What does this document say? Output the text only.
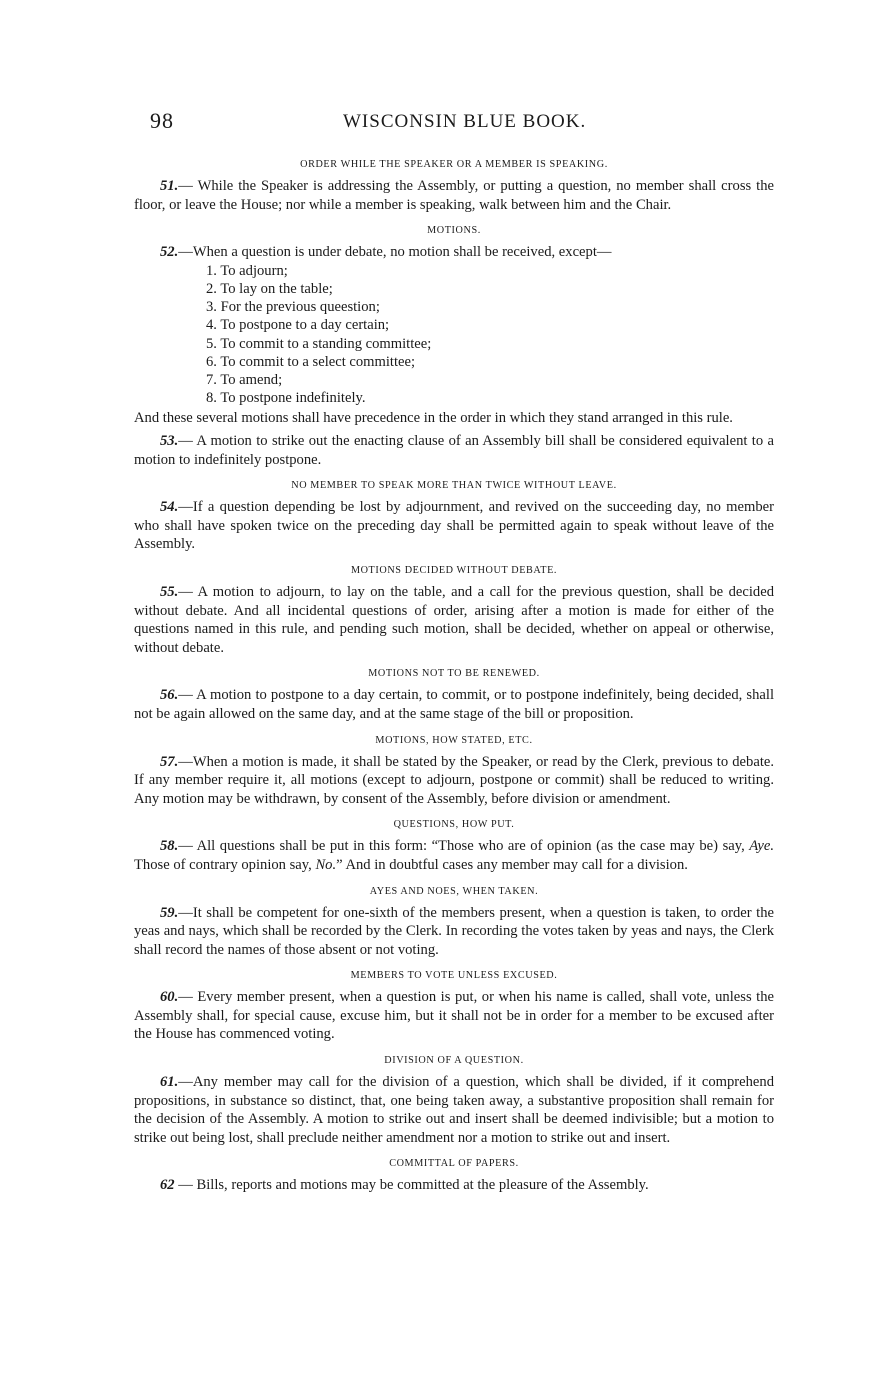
98	WISCONSIN BLUE BOOK.
ORDER WHILE THE SPEAKER OR A MEMBER IS SPEAKING.

51.— While the Speaker is addressing the Assembly, or putting a question, no member shall cross the floor, or leave the House; nor while a member is speaking, walk between him and the Chair.

MOTIONS.

52.—When a question is under debate, no motion shall be received, except—

1. To adjourn;
2. To lay on the table;
3. For the previous queestion;
4. To postpone to a day certain;
5. To commit to a standing committee;
6. To commit to a select committee;
7. To amend;
8. To postpone indefinitely.

And these several motions shall have precedence in the order in which they stand arranged in this rule.

53.— A motion to strike out the enacting clause of an Assembly bill shall be considered equivalent to a motion to indefinitely postpone.

NO MEMBER TO SPEAK MORE THAN TWICE WITHOUT LEAVE.

54.—If a question depending be lost by adjournment, and revived on the succeeding day, no member who shall have spoken twice on the preceding day shall be permitted again to speak without leave of the Assembly.

MOTIONS DECIDED WITHOUT DEBATE.

55.— A motion to adjourn, to lay on the table, and a call for the previous question, shall be decided without debate. And all incidental questions of order, arising after a motion is made for either of the questions named in this rule, and pending such motion, shall be decided, whether on appeal or otherwise, without debate.

MOTIONS NOT TO BE RENEWED.

56.— A motion to postpone to a day certain, to commit, or to postpone indefinitely, being decided, shall not be again allowed on the same day, and at the same stage of the bill or proposition.

MOTIONS, HOW STATED, ETC.

57.—When a motion is made, it shall be stated by the Speaker, or read by the Clerk, previous to debate. If any member require it, all motions (except to adjourn, postpone or commit) shall be reduced to writing. Any motion may be withdrawn, by consent of the Assembly, before division or amendment.

QUESTIONS, HOW PUT.

58.— All questions shall be put in this form: “Those who are of opinion (as the case may be) say, Aye. Those of contrary opinion say, No.” And in doubtful cases any member may call for a division.

AYES AND NOES, WHEN TAKEN.

59.—It shall be competent for one-sixth of the members present, when a question is taken, to order the yeas and nays, which shall be recorded by the Clerk. In recording the votes taken by yeas and nays, the Clerk shall record the names of those absent or not voting.

MEMBERS TO VOTE UNLESS EXCUSED.

60.— Every member present, when a question is put, or when his name is called, shall vote, unless the Assembly shall, for special cause, excuse him, but it shall not be in order for a member to be excused after the House has commenced voting.

DIVISION OF A QUESTION.

61.—Any member may call for the division of a question, which shall be divided, if it comprehend propositions, in substance so distinct, that, one being taken away, a substantive proposition shall remain for the decision of the Assembly. A motion to strike out and insert shall be deemed indivisible; but a motion to strike out being lost, shall preclude neither amendment nor a motion to strike out and insert.

COMMITTAL OF PAPERS.

62 — Bills, reports and motions may be committed at the pleasure of the Assembly.
